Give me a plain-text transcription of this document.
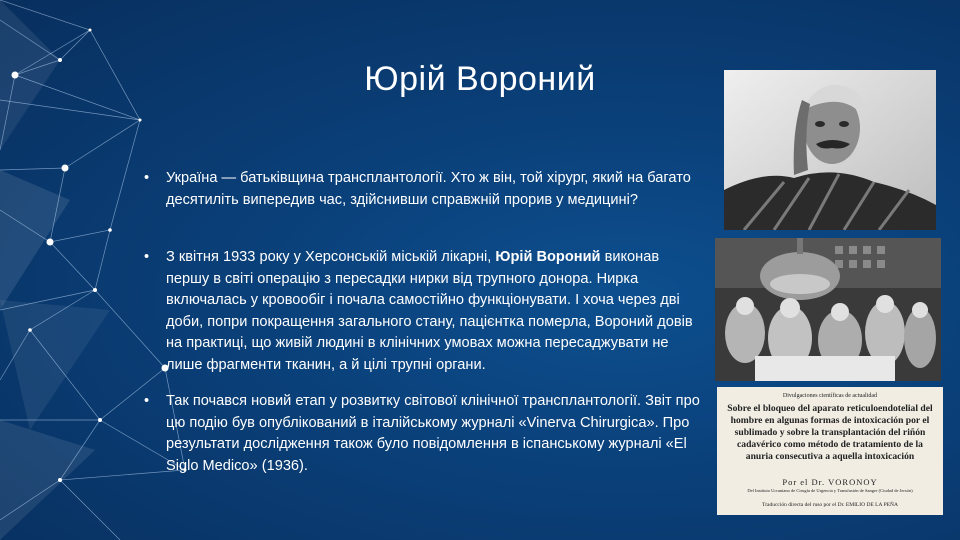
Юрій Вороний
• Україна — батьківщина трансплантології. Хто ж він, той хірург, який на багато десятиліть випередив час, здійснивши справжній прорив у медицині?
• З квітня 1933 року у Херсонській міській лікарні, Юрій Вороний виконав першу в світі операцію з пересадки нирки від трупного донора. Нирка включалась у кровообіг і почала самостійно функціонувати. І хоча через дві доби, попри покращення загального стану, пацієнтка померла, Вороний довів на практиці, що живій людині в клінічних умовах можна пересаджувати не лише фрагменти тканин, а й цілі трупні органи.
• Так почався новий етап у розвитку світової клінічної трансплантології. Звіт про цю подію був опублікований в італійському журналі «Vinerva Chirurgica». Про результати дослідження також було повідомлення в іспанському журналі «El Siglo Medico» (1936).
Divulgaciones científicas de actualidad
Sobre el bloqueo del aparato reticuloendotelial del
hombre en algunas formas de intoxicación por el
sublimado y sobre la transplantación del riñón
cadavérico como método de tratamiento de la
anuria consecutiva a aquella intoxicación
Por el Dr. VORONOY
Del Instituto Ucraniano de Cirugía de Urgencia y Transfusión de Sangre (Ciudad de Jersón)
Traducción directa del ruso por el Dr. EMILIO DE LA PEÑA
